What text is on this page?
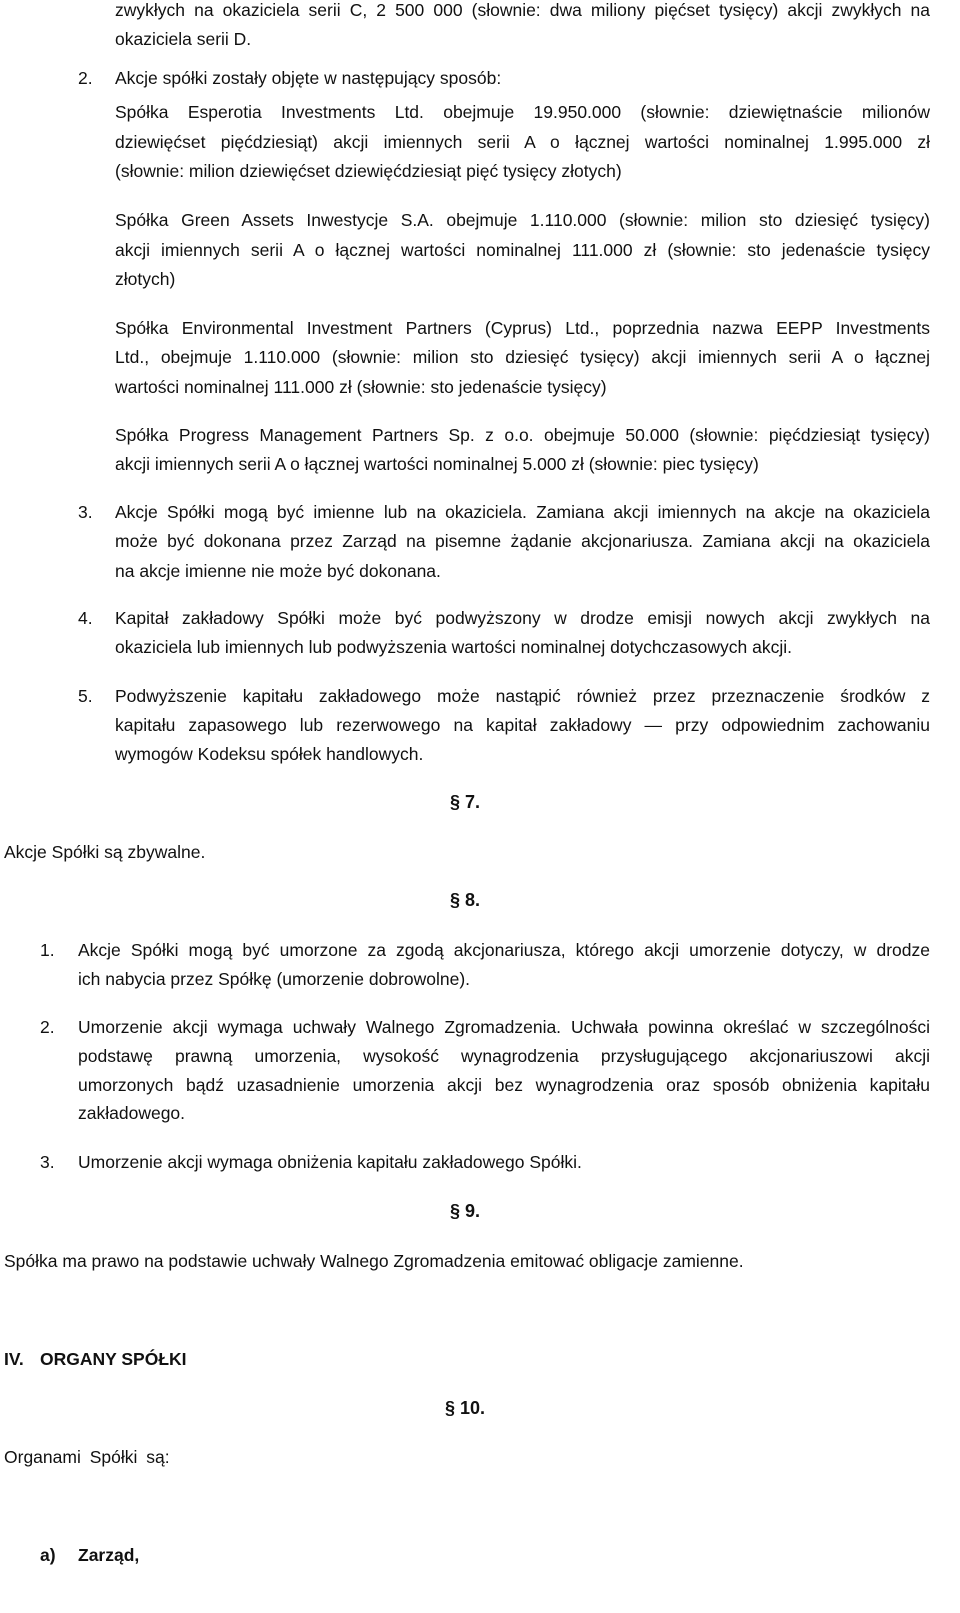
zwykłych na okaziciela serii C, 2 500 000 (słownie: dwa miliony pięćset tysięcy) akcji zwykłych na
okaziciela serii D.
2. Akcje spółki zostały objęte w następujący sposób:
Spółka Esperotia Investments Ltd. obejmuje 19.950.000 (słownie: dziewiętnaście milionów
dziewięćset pięćdziesiąt) akcji imiennych serii A o łącznej wartości nominalnej 1.995.000 zł
(słownie: milion dziewięćset dziewięćdziesiąt pięć tysięcy złotych)
Spółka Green Assets Inwestycje S.A. obejmuje 1.110.000 (słownie: milion sto dziesięć tysięcy)
akcji imiennych serii A o łącznej wartości nominalnej 111.000 zł (słownie: sto jedenaście tysięcy
złotych)
Spółka Environmental Investment Partners (Cyprus) Ltd., poprzednia nazwa EEPP Investments
Ltd., obejmuje 1.110.000 (słownie: milion sto dziesięć tysięcy) akcji imiennych serii A o łącznej
wartości nominalnej 111.000 zł (słownie: sto jedenaście tysięcy)
Spółka Progress Management Partners Sp. z o.o. obejmuje 50.000 (słownie: pięćdziesiąt tysięcy)
akcji imiennych serii A o łącznej wartości nominalnej 5.000 zł (słownie: piec tysięcy)
3. Akcje Spółki mogą być imienne lub na okaziciela. Zamiana akcji imiennych na akcje na okaziciela
może być dokonana przez Zarząd na pisemne żądanie akcjonariusza. Zamiana akcji na okaziciela
na akcje imienne nie może być dokonana.
4. Kapitał zakładowy Spółki może być podwyższony w drodze emisji nowych akcji zwykłych na
okaziciela lub imiennych lub podwyższenia wartości nominalnej dotychczasowych akcji.
5. Podwyższenie kapitału zakładowego może nastąpić również przez przeznaczenie środków z
kapitału zapasowego lub rezerwowego na kapitał zakładowy — przy odpowiednim zachowaniu
wymogów Kodeksu spółek handlowych.
§ 7.
Akcje Spółki są zbywalne.
§ 8.
1. Akcje Spółki mogą być umorzone za zgodą akcjonariusza, którego akcji umorzenie dotyczy, w drodze
ich nabycia przez Spółkę (umorzenie dobrowolne).
2. Umorzenie akcji wymaga uchwały Walnego Zgromadzenia. Uchwała powinna określać w szczególności
podstawę prawną umorzenia, wysokość wynagrodzenia przysługującego akcjonariuszowi akcji
umorzonych bądź uzasadnienie umorzenia akcji bez wynagrodzenia oraz sposób obniżenia kapitału
zakładowego.
3. Umorzenie akcji wymaga obniżenia kapitału zakładowego Spółki.
§ 9.
Spółka ma prawo na podstawie uchwały Walnego Zgromadzenia emitować obligacje zamienne.
IV. ORGANY SPÓŁKI
§ 10.
Organami Spółki są:
a) Zarząd,
